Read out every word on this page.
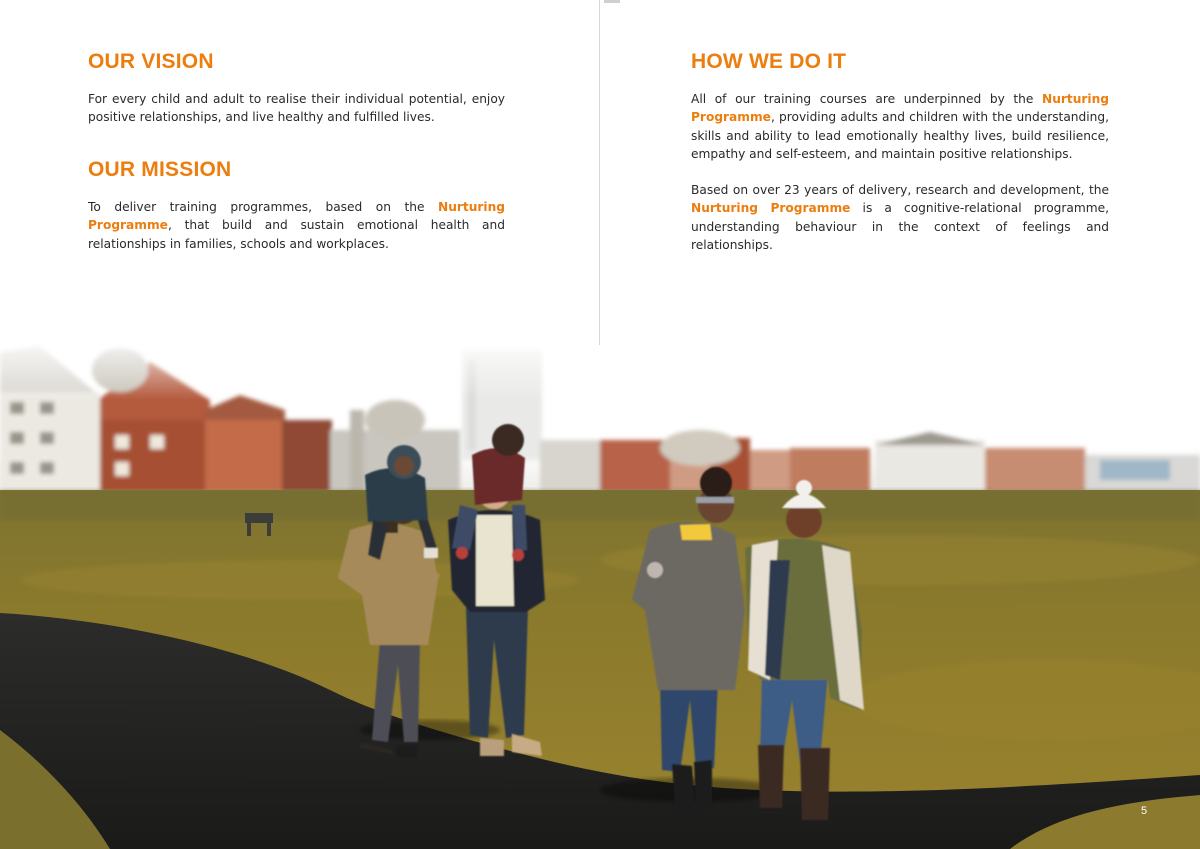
OUR VISION

For every child and adult to realise their individual potential, enjoy positive relationships, and live healthy and fulfilled lives.

OUR MISSION

To deliver training programmes, based on the Nurturing Programme, that build and sustain emotional health and relationships in families, schools and workplaces.

HOW WE DO IT

All of our training courses are underpinned by the Nurturing Programme, providing adults and children with the understanding, skills and ability to lead emotionally healthy lives, build resilience, empathy and self-esteem, and maintain positive relationships.

Based on over 23 years of delivery, research and development, the Nurturing Programme is a cognitive-relational programme, understanding behaviour in the context of feelings and relationships.

5
